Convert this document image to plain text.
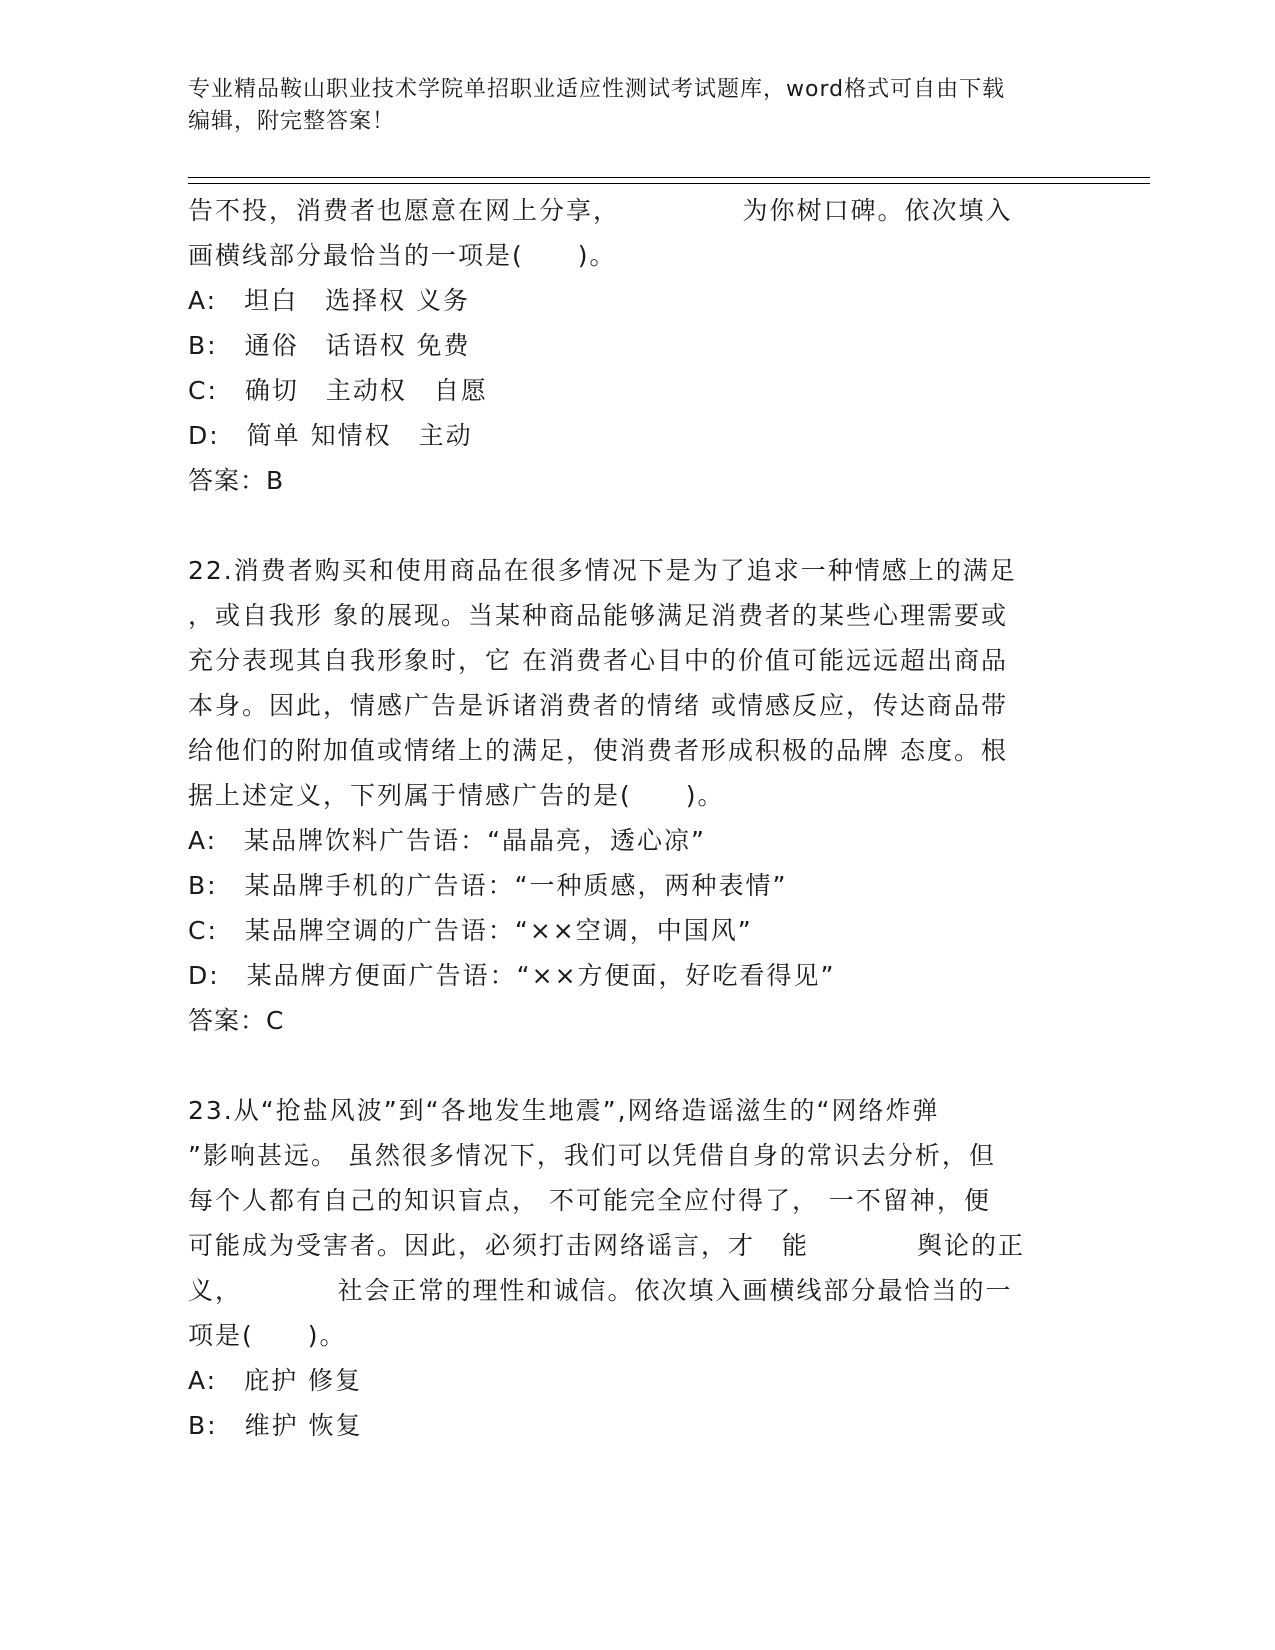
专业精品鞍山职业技术学院单招职业适应性测试考试题库，word格式可自由下载
编辑，附完整答案！

告不投，消费者也愿意在网上分享，　　　　　为你树口碑。依次填入

画横线部分最恰当的一项是(　　)。

A:　坦白　选择权 义务

B:　通俗　话语权 免费

C:　确切　主动权　自愿

D:　简单 知情权　主动

答案：B

22.消费者购买和使用商品在很多情况下是为了追求一种情感上的满足

，或自我形 象的展现。当某种商品能够满足消费者的某些心理需要或

充分表现其自我形象时，它 在消费者心目中的价值可能远远超出商品

本身。因此，情感广告是诉诸消费者的情绪 或情感反应，传达商品带

给他们的附加值或情绪上的满足，使消费者形成积极的品牌 态度。根

据上述定义，下列属于情感广告的是(　　)。

A:　某品牌饮料广告语：“晶晶亮，透心凉”

B:　某品牌手机的广告语：“一种质感，两种表情”

C:　某品牌空调的广告语：“××空调，中国风”

D:　某品牌方便面广告语：“××方便面，好吃看得见”

答案：C

23.从“抢盐风波”到“各地发生地震”,网络造谣滋生的“网络炸弹

”影响甚远。 虽然很多情况下，我们可以凭借自身的常识去分析，但

每个人都有自己的知识盲点， 不可能完全应付得了， 一不留神，便

可能成为受害者。因此，必须打击网络谣言，才　能　　　　舆论的正

义，　　　　社会正常的理性和诚信。依次填入画横线部分最恰当的一

项是(　　)。

A:　庇护 修复

B:　维护 恢复
